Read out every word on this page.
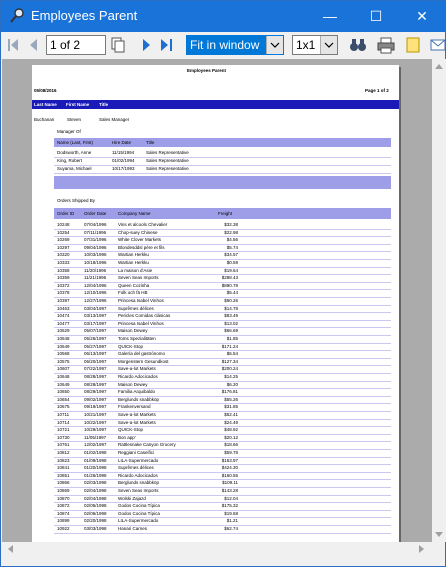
Employees Parent	—	☐	✕
1 of 2	Fit in window	1x1
Employees Parent
05/08/2016	Page 1 of 2
Last Name First Name Title
Buchanan	Steven	Sales Manager
Manager Of
Name (Last, First)	Hire Date	Title
Dodsworth, Anne	11/15/1994	Sales Representative
King, Robert	01/02/1994	Sales Representative
Suyama, Michael	10/17/1993	Sales Representative
Orders Shipped By
Order ID Order Date	Company Name	Freight
10248	07/04/1996	Vins et alcools Chevalier	$32.38
10254	07/11/1996	Chop-suey Chinese	$22.98
10269	07/31/1996	White Clover Markets	$4.56
10297	09/04/1996	Blondesddsl père et fils	$5.74
10320	10/03/1996	Wartian Herkku	$34.57
10333	10/18/1996	Wartian Herkku	$0.59
10358	11/20/1996	La maison d'Asie	$19.64
10359	11/21/1996	Seven Seas Imports	$288.43
10372	12/04/1996	Queen Cozinha	$890.78
10378	12/10/1996	Folk och fä HB	$5.44
10397	12/27/1996	Princesa Isabel Vinhos	$60.26
10463	03/04/1997	Suprêmes délices	$14.78
10474	03/13/1997	Pericles Comidas clásicas	$83.49
10477	03/17/1997	Princesa Isabel Vinhos	$13.02
10529	05/07/1997	Maison Dewey	$66.69
10548	05/26/1997	Toms Spezialitäten	$1.85
10549	05/27/1997	QUICK-Stop	$171.24
10568	06/13/1997	Galería del gastrónomo	$6.54
10575	06/20/1997	Morgenstern Gesundkost	$127.34
10607	07/22/1997	Save-a-lot Markets	$200.24
10648	08/28/1997	Ricardo Adocicados	$14.25
10649	08/28/1997	Maison Dewey	$6.20
10650	08/29/1997	Familia Arquibaldo	$176.81
10654	09/02/1997	Berglunds snabbköp	$55.26
10675	09/19/1997	Frankenversand	$31.85
10711	10/21/1997	Save-a-lot Markets	$52.41
10714	10/22/1997	Save-a-lot Markets	$24.49
10721	10/29/1997	QUICK-Stop	$48.92
10730	11/05/1997	Bon app'	$20.12
10761	12/02/1997	Rattlesnake Canyon Grocery	$18.66
10812	01/02/1998	Reggiani Caseifici	$59.78
10823	01/09/1998	LILA-Supermercado	$163.97
10841	01/20/1998	Suprêmes délices	$424.30
10851	01/26/1998	Ricardo Adocicados	$160.55
10866	02/03/1998	Berglunds snabbköp	$109.11
10869	02/04/1998	Seven Seas Imports	$143.28
10870	02/04/1998	Wolski Zajazd	$12.04
10872	02/05/1998	Godos Cocina Típica	$175.32
10874	02/06/1998	Godos Cocina Típica	$19.58
10899	02/20/1998	LILA-Supermercado	$1.21
10922	03/03/1998	Hanari Carnes	$62.74
